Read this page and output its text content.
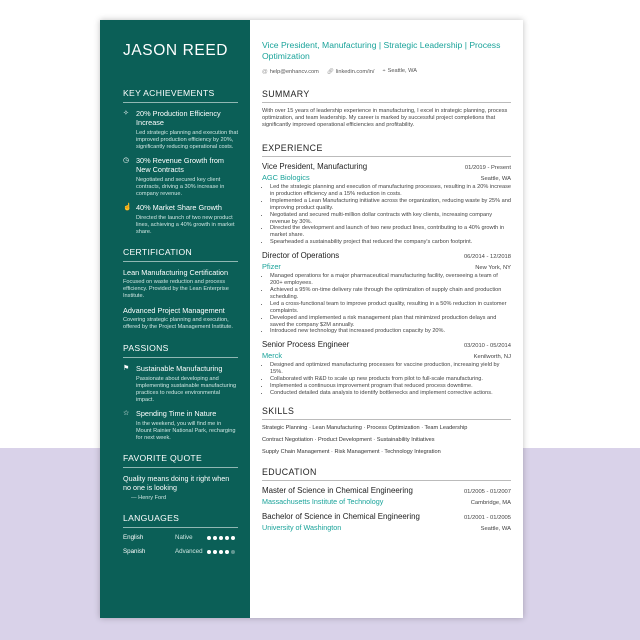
JASON REED
KEY ACHIEVEMENTS
✧ 20% Production Efficiency Increase
Led strategic planning and execution that improved production efficiency by 20%, significantly reducing operational costs.
◷ 30% Revenue Growth from New Contracts
Negotiated and secured key client contracts, driving a 30% increase in company revenue.
☝ 40% Market Share Growth
Directed the launch of two new product lines, achieving a 40% growth in market share.
CERTIFICATION
Lean Manufacturing Certification
Focused on waste reduction and process efficiency. Provided by the Lean Enterprise Institute.
Advanced Project Management
Covering strategic planning and execution, offered by the Project Management Institute.
PASSIONS
⚑ Sustainable Manufacturing
Passionate about developing and implementing sustainable manufacturing practices to reduce environmental impact.
☆ Spending Time in Nature
In the weekend, you will find me in Mount Rainier National Park, recharging for next week.
FAVORITE QUOTE
Quality means doing it right when no one is looking
— Henry Ford
LANGUAGES
English	Native
Spanish	Advanced
Vice President, Manufacturing | Strategic Leadership | Process Optimization
@ help@enhancv.com 🔗︎ linkedin.com/in/ ⌖ Seattle, WA
SUMMARY

With over 15 years of leadership experience in manufacturing, I excel in strategic planning, process optimization, and team leadership. My career is marked by successful project completions that significantly improved operational efficiencies and profitability.

EXPERIENCE
Vice President, Manufacturing	01/2019 - Present
AGC Biologics	Seattle, WA
• Led the strategic planning and execution of manufacturing processes, resulting in a 20% increase in production efficiency and a 15% reduction in costs.
• Implemented a Lean Manufacturing initiative across the organization, reducing waste by 25% and improving product quality.
• Negotiated and secured multi-million dollar contracts with key clients, increasing company revenue by 30%.
• Directed the development and launch of two new product lines, contributing to a 40% growth in market share.
• Spearheaded a sustainability project that reduced the company's carbon footprint.
Director of Operations	06/2014 - 12/2018
Pfizer	New York, NY
• Managed operations for a major pharmaceutical manufacturing facility, overseeing a team of 200+ employees.
• Achieved a 95% on-time delivery rate through the optimization of supply chain and production scheduling.
• Led a cross-functional team to improve product quality, resulting in a 50% reduction in customer complaints.
• Developed and implemented a risk management plan that minimized production delays and saved the company $2M annually.
• Introduced new technology that increased production capacity by 20%.
Senior Process Engineer	03/2010 - 05/2014
Merck	Kenilworth, NJ
• Designed and optimized manufacturing processes for vaccine production, increasing yield by 15%.
• Collaborated with R&D to scale up new products from pilot to full-scale manufacturing.
• Implemented a continuous improvement program that reduced process downtime.
• Conducted detailed data analysis to identify bottlenecks and implement corrective actions.
SKILLS
Strategic Planning · Lean Manufacturing · Process Optimization · Team Leadership
Contract Negotiation · Product Development · Sustainability Initiatives
Supply Chain Management · Risk Management · Technology Integration
EDUCATION
Master of Science in Chemical Engineering	01/2005 - 01/2007
Massachusetts Institute of Technology	Cambridge, MA
Bachelor of Science in Chemical Engineering	01/2001 - 01/2005
University of Washington	Seattle, WA
